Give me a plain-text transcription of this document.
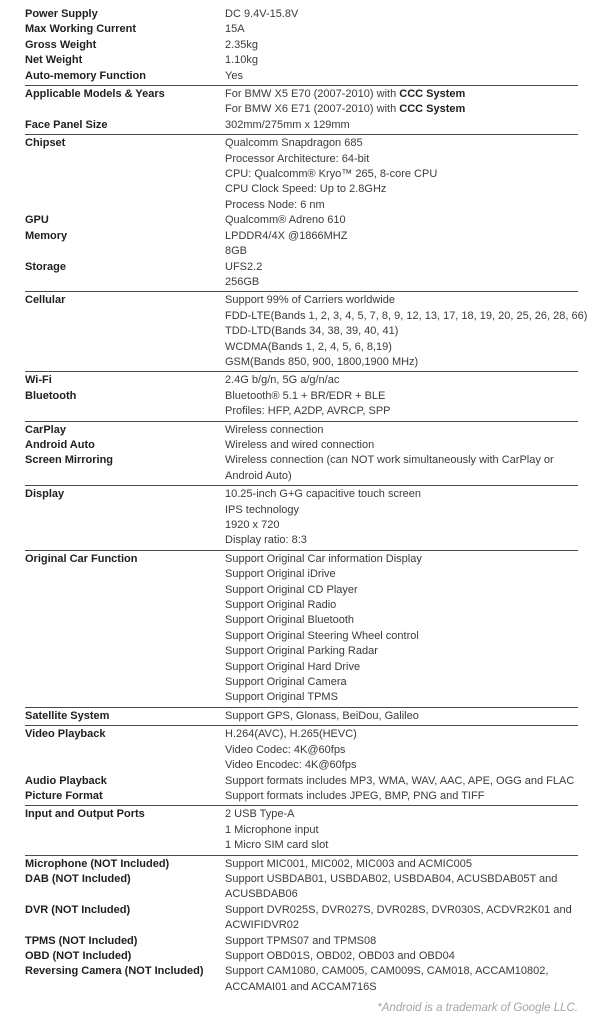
Power Supply	DC 9.4V-15.8V
Max Working Current	15A
Gross Weight	2.35kg
Net Weight	1.10kg
Auto-memory Function	Yes
Applicable Models & Years	For BMW X5 E70 (2007-2010) with CCC System
For BMW X6 E71 (2007-2010) with CCC System
Face Panel Size	302mm/275mm x 129mm
Chipset	Qualcomm Snapdragon 685
Processor Architecture: 64-bit
CPU: Qualcomm® Kryo™ 265, 8-core CPU
CPU Clock Speed: Up to 2.8GHz
Process Node: 6 nm
GPU	Qualcomm® Adreno 610
Memory	LPDDR4/4X @1866MHZ
8GB
Storage	UFS2.2
256GB
Cellular	Support 99% of Carriers worldwide
FDD-LTE(Bands 1, 2, 3, 4, 5, 7, 8, 9, 12, 13, 17, 18, 19, 20, 25, 26, 28, 66)
TDD-LTD(Bands 34, 38, 39, 40, 41)
WCDMA(Bands 1, 2, 4, 5, 6, 8,19)
GSM(Bands 850, 900, 1800,1900 MHz)
Wi-Fi	2.4G b/g/n, 5G a/g/n/ac
Bluetooth	Bluetooth® 5.1 + BR/EDR + BLE
Profiles: HFP, A2DP, AVRCP, SPP
CarPlay	Wireless connection
Android Auto	Wireless and wired connection
Screen Mirroring	Wireless connection (can NOT work simultaneously with CarPlay or
Android Auto)
Display	10.25-inch G+G capacitive touch screen
IPS technology
1920 x 720
Display ratio: 8:3
Original Car Function	Support Original Car information Display
Support Original iDrive
Support Original CD Player
Support Original Radio
Support Original Bluetooth
Support Original Steering Wheel control
Support Original Parking Radar
Support Original Hard Drive
Support Original Camera
Support Original TPMS
Satellite System	Support GPS, Glonass, BeiDou, Galileo
Video Playback	H.264(AVC), H.265(HEVC)
Video Codec: 4K@60fps
Video Encodec: 4K@60fps
Audio Playback	Support formats includes MP3, WMA, WAV, AAC, APE, OGG and FLAC
Picture Format	Support formats includes JPEG, BMP, PNG and TIFF
Input and Output Ports	2 USB Type-A
1 Microphone input
1 Micro SIM card slot
Microphone (NOT Included)	Support MIC001, MIC002, MIC003 and ACMIC005
DAB (NOT Included)	Support USBDAB01, USBDAB02, USBDAB04, ACUSBDAB05T and
ACUSBDAB06
DVR (NOT Included)	Support DVR025S, DVR027S, DVR028S, DVR030S, ACDVR2K01 and
ACWIFIDVR02
TPMS (NOT Included)	Support TPMS07 and TPMS08
OBD (NOT Included)	Support OBD01S, OBD02, OBD03 and OBD04
Reversing Camera (NOT Included)	Support CAM1080, CAM005, CAM009S, CAM018, ACCAM10802,
ACCAMAI01 and ACCAM716S
*Android is a trademark of Google LLC.
